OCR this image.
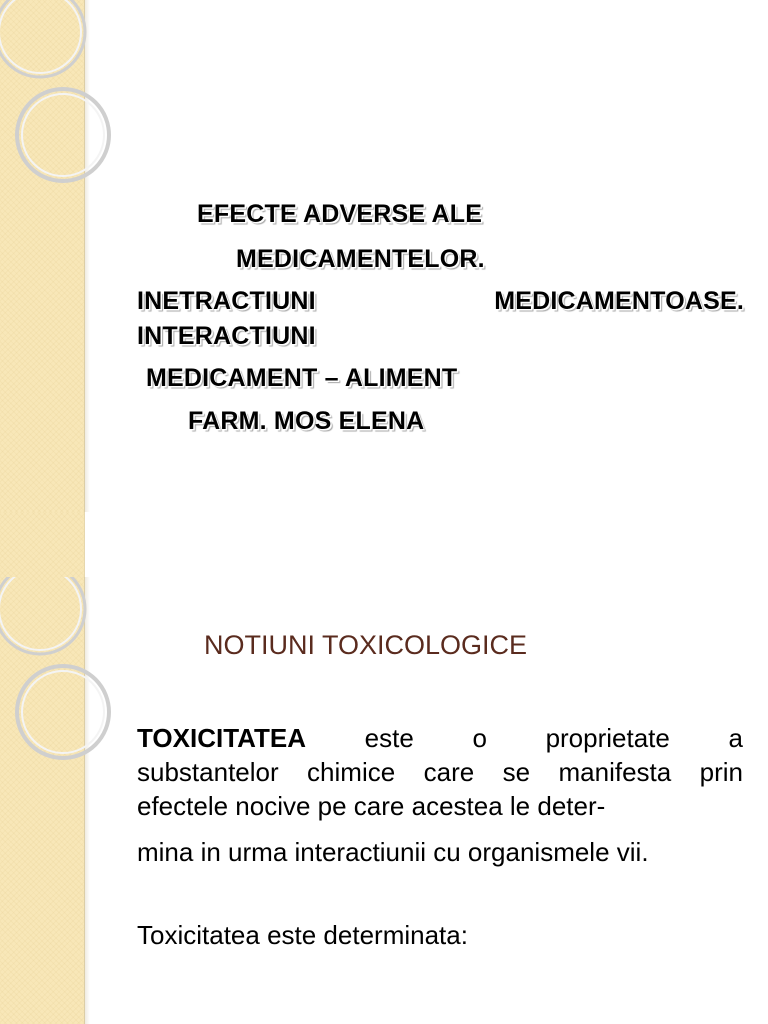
EFECTE ADVERSE ALE

MEDICAMENTELOR.

INETRACTIUNI	MEDICAMENTOASE.

INTERACTIUNI

MEDICAMENT – ALIMENT

FARM. MOS ELENA

NOTIUNI TOXICOLOGICE

TOXICITATEA este o proprietate a

substantelor chimice care se manifesta prin

efectele nocive pe care acestea le deter-

mina in urma interactiunii cu organismele vii.

Toxicitatea este determinata:
